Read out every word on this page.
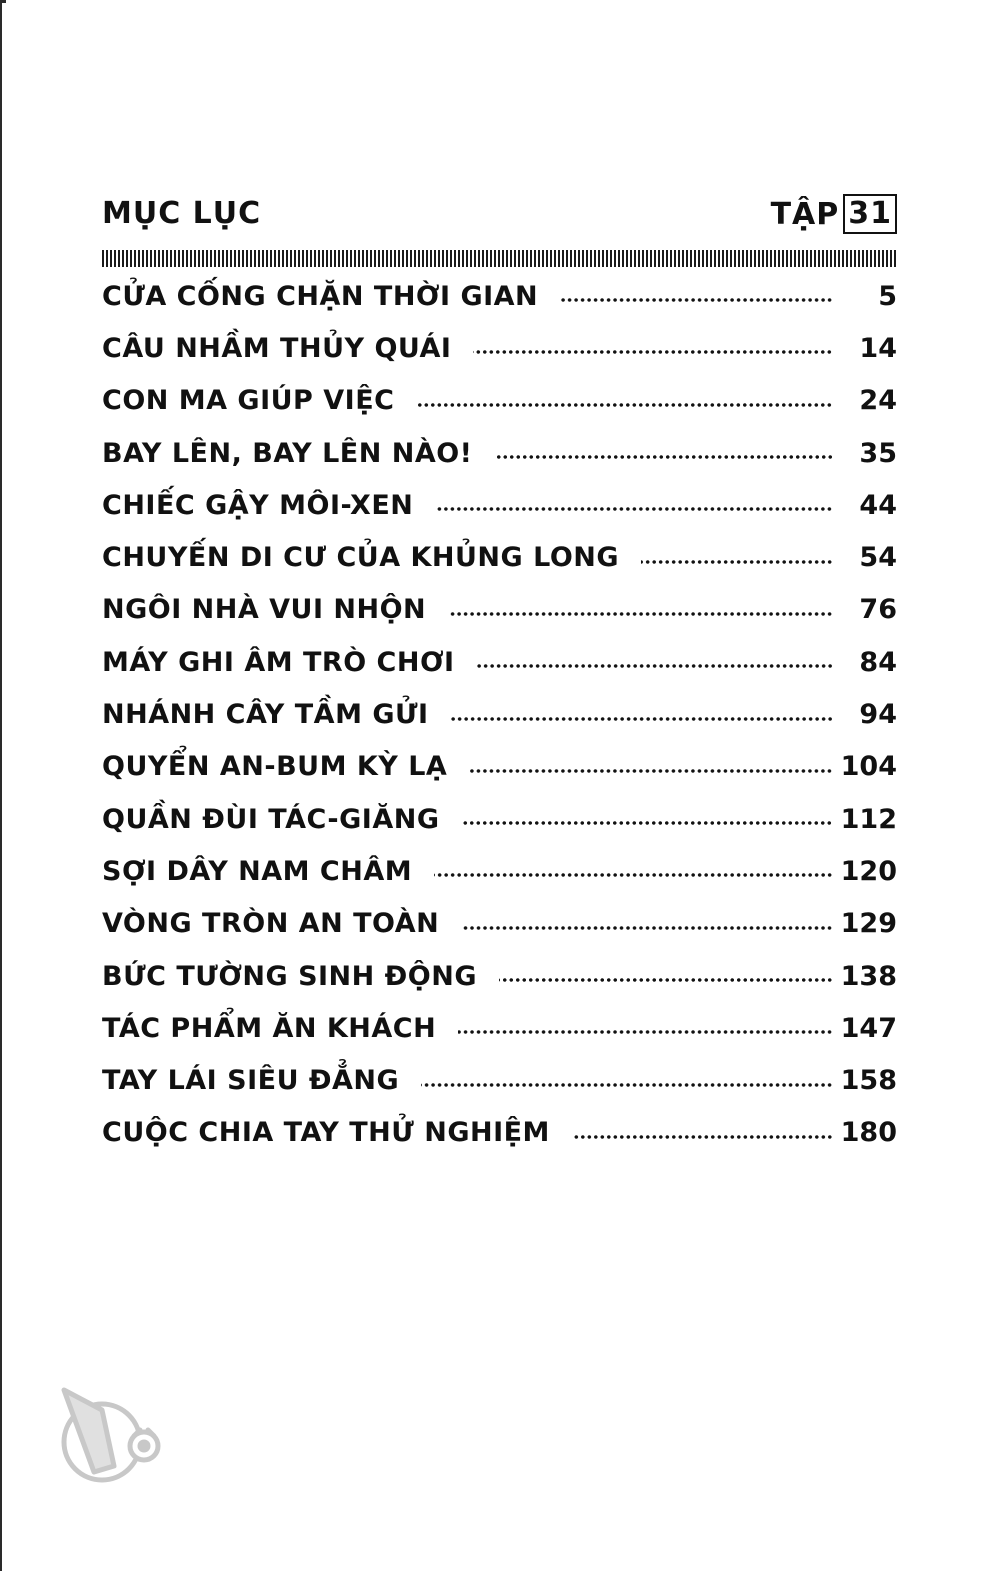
MỤC LỤC	TẬP 31
CỬA CỐNG CHẶN THỜI GIAN	5
CÂU NHẦM THỦY QUÁI	14
CON MA GIÚP VIỆC	24
BAY LÊN, BAY LÊN NÀO!	35
CHIẾC GẬY MÔI-XEN	44
CHUYẾN DI CƯ CỦA KHỦNG LONG	54
NGÔI NHÀ VUI NHỘN	76
MÁY GHI ÂM TRÒ CHƠI	84
NHÁNH CÂY TẦM GỬI	94
QUYỂN AN-BUM KỲ LẠ	104
QUẦN ĐÙI TÁC-GIĂNG	112
SỢI DÂY NAM CHÂM	120
VÒNG TRÒN AN TOÀN	129
BỨC TƯỜNG SINH ĐỘNG	138
TÁC PHẨM ĂN KHÁCH	147
TAY LÁI SIÊU ĐẲNG	158
CUỘC CHIA TAY THỬ NGHIỆM	180
